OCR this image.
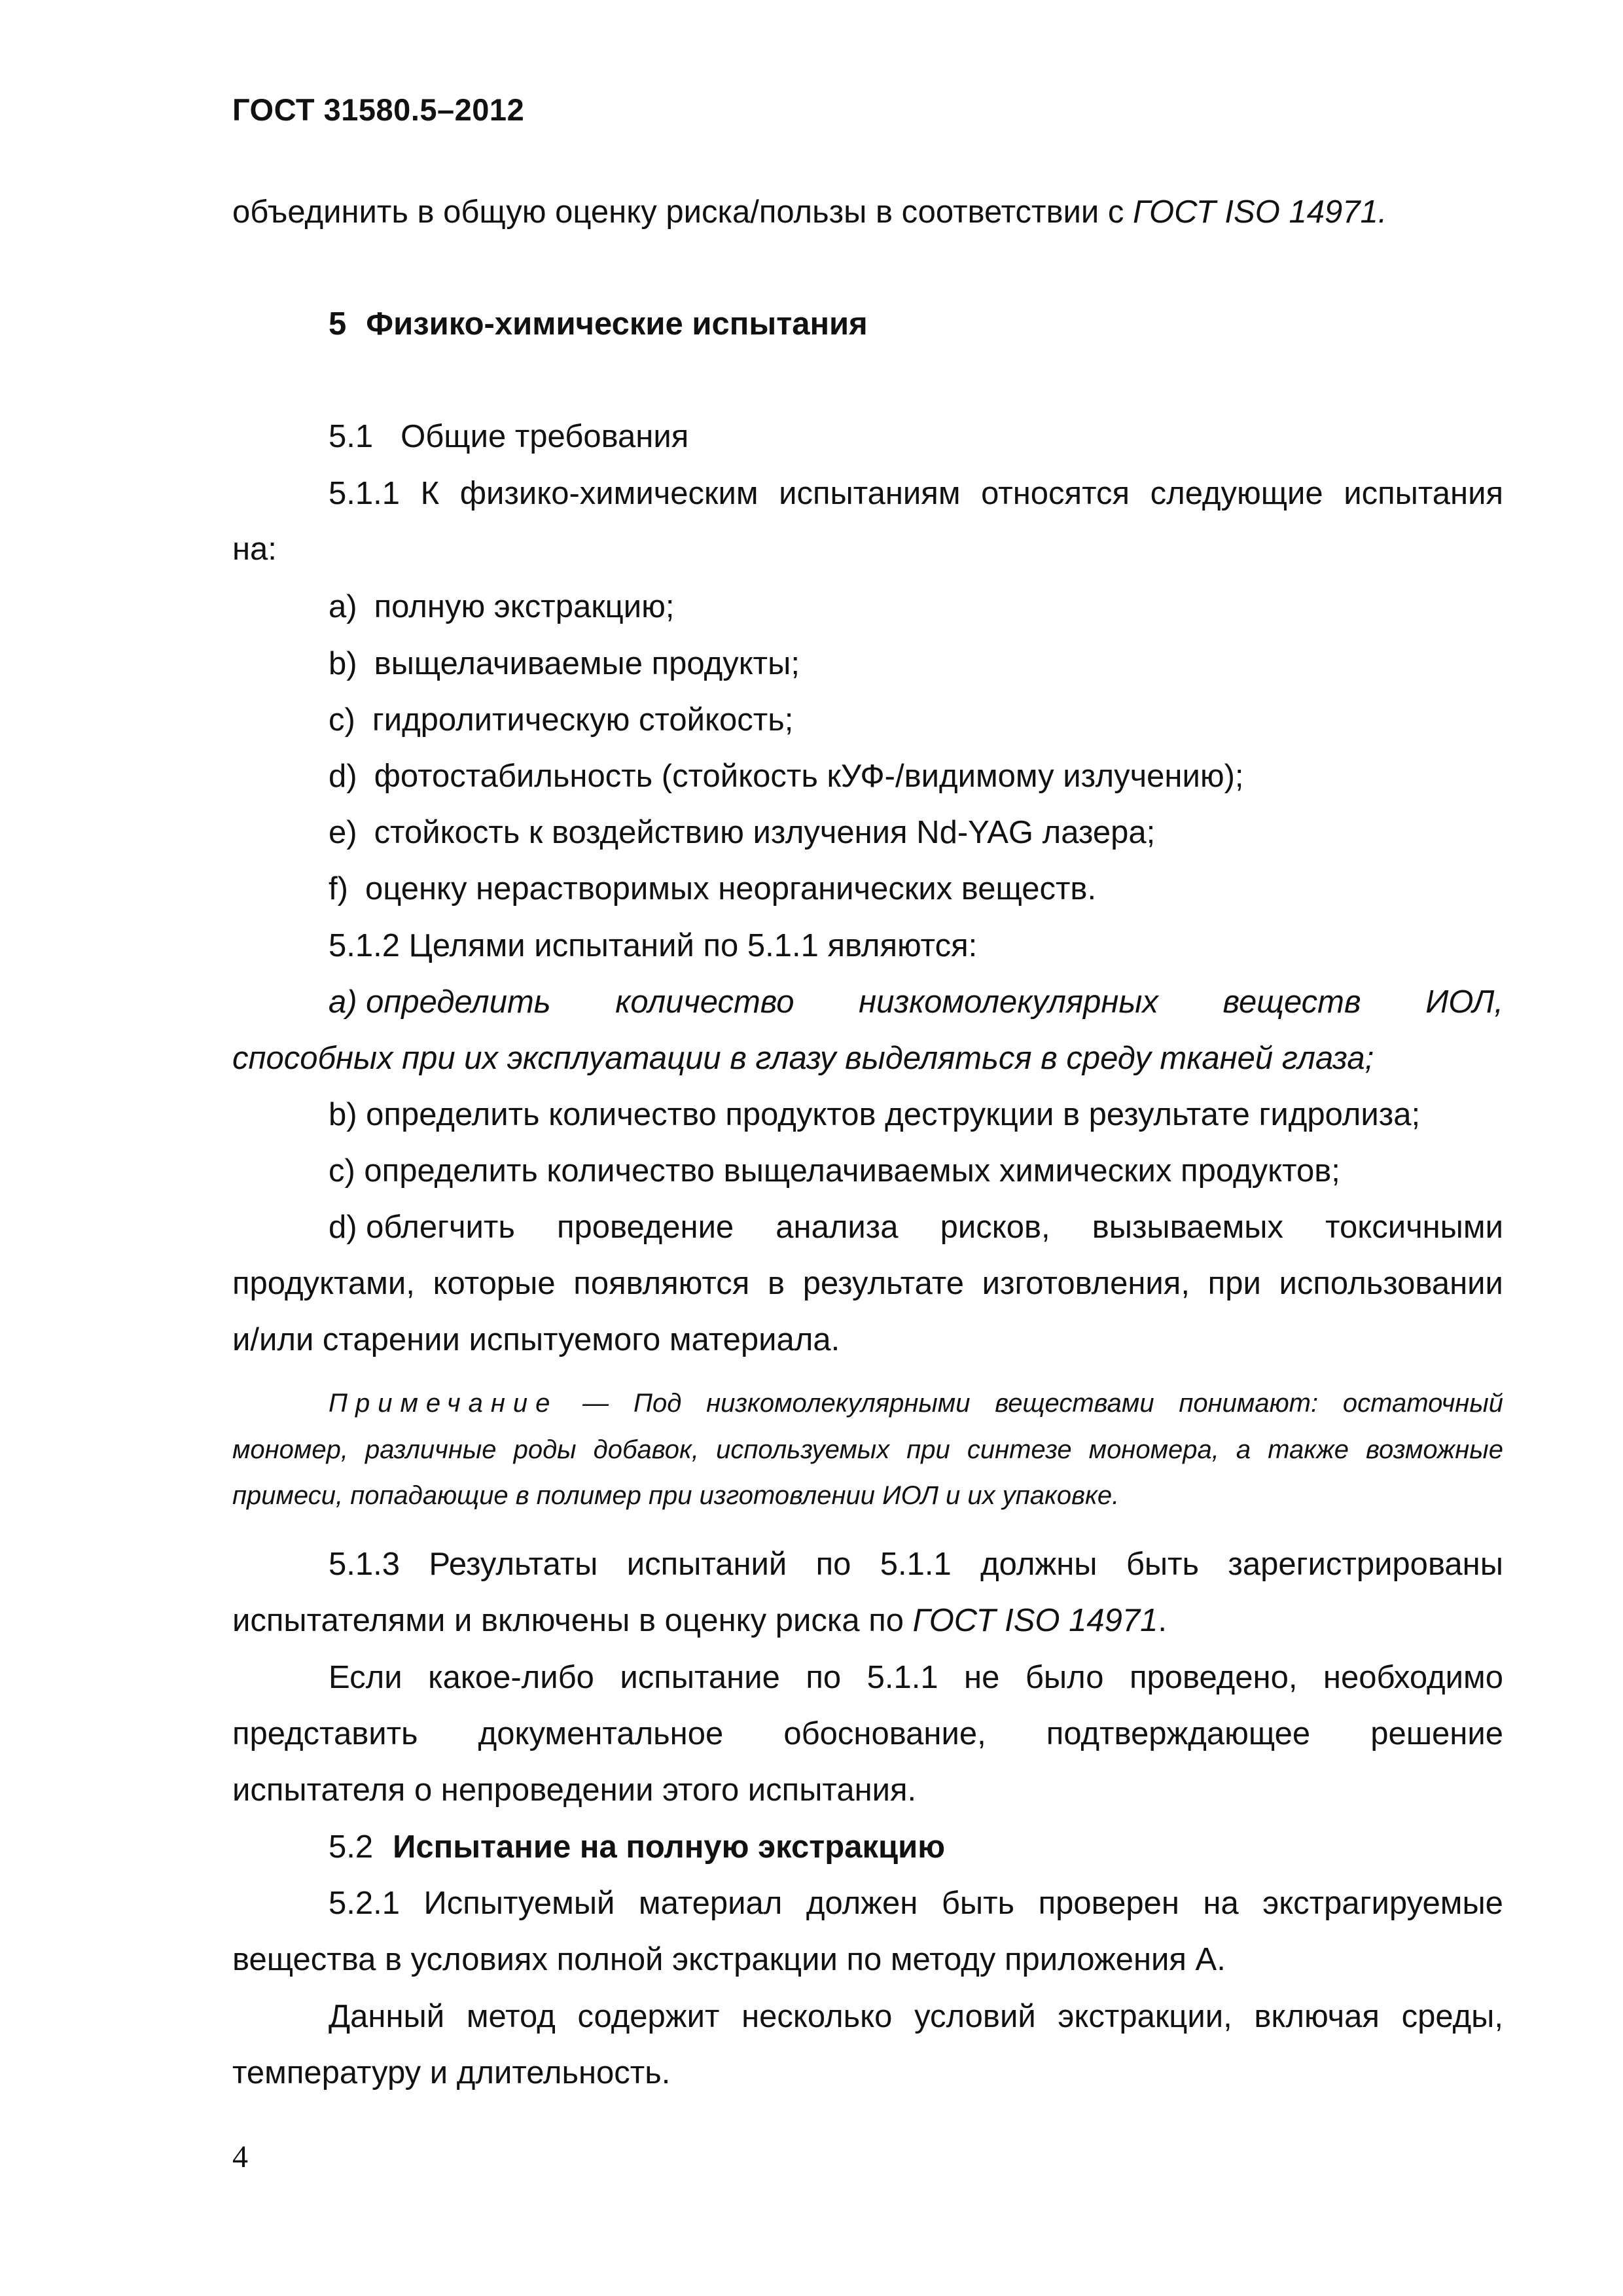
ГОСТ 31580.5–2012
объединить в общую оценку риска/пользы в соответствии с ГОСТ ISO 14971.
5 Физико-химические испытания
5.1 Общие требования
5.1.1 К физико-химическим испытаниям относятся следующие испытания
на:
a) полную экстракцию;
b) выщелачиваемые продукты;
c) гидролитическую стойкость;
d) фотостабильность (стойкость кУФ-/видимому излучению);
e) стойкость к воздействию излучения Nd-YAG лазера;
f) оценку нерастворимых неорганических веществ.
5.1.2 Целями испытаний по 5.1.1 являются:
а) определить количество низкомолекулярных веществ ИОЛ,
способных при их эксплуатации в глазу выделяться в среду тканей глаза;
b) определить количество продуктов деструкции в результате гидролиза;
c) определить количество выщелачиваемых химических продуктов;
d) облегчить проведение анализа рисков, вызываемых токсичными
продуктами, которые появляются в результате изготовления, при использовании
и/или старении испытуемого материала.
Примечание — Под низкомолекулярными веществами понимают: остаточный
мономер, различные роды добавок, используемых при синтезе мономера, а также возможные
примеси, попадающие в полимер при изготовлении ИОЛ и их упаковке.
5.1.3 Результаты испытаний по 5.1.1 должны быть зарегистрированы
испытателями и включены в оценку риска по ГОСТ ISO 14971.
Если какое-либо испытание по 5.1.1 не было проведено, необходимо
представить документальное обоснование, подтверждающее решение
испытателя о непроведении этого испытания.
5.2 Испытание на полную экстракцию
5.2.1 Испытуемый материал должен быть проверен на экстрагируемые
вещества в условиях полной экстракции по методу приложения А.
Данный метод содержит несколько условий экстракции, включая среды,
температуру и длительность.
4
